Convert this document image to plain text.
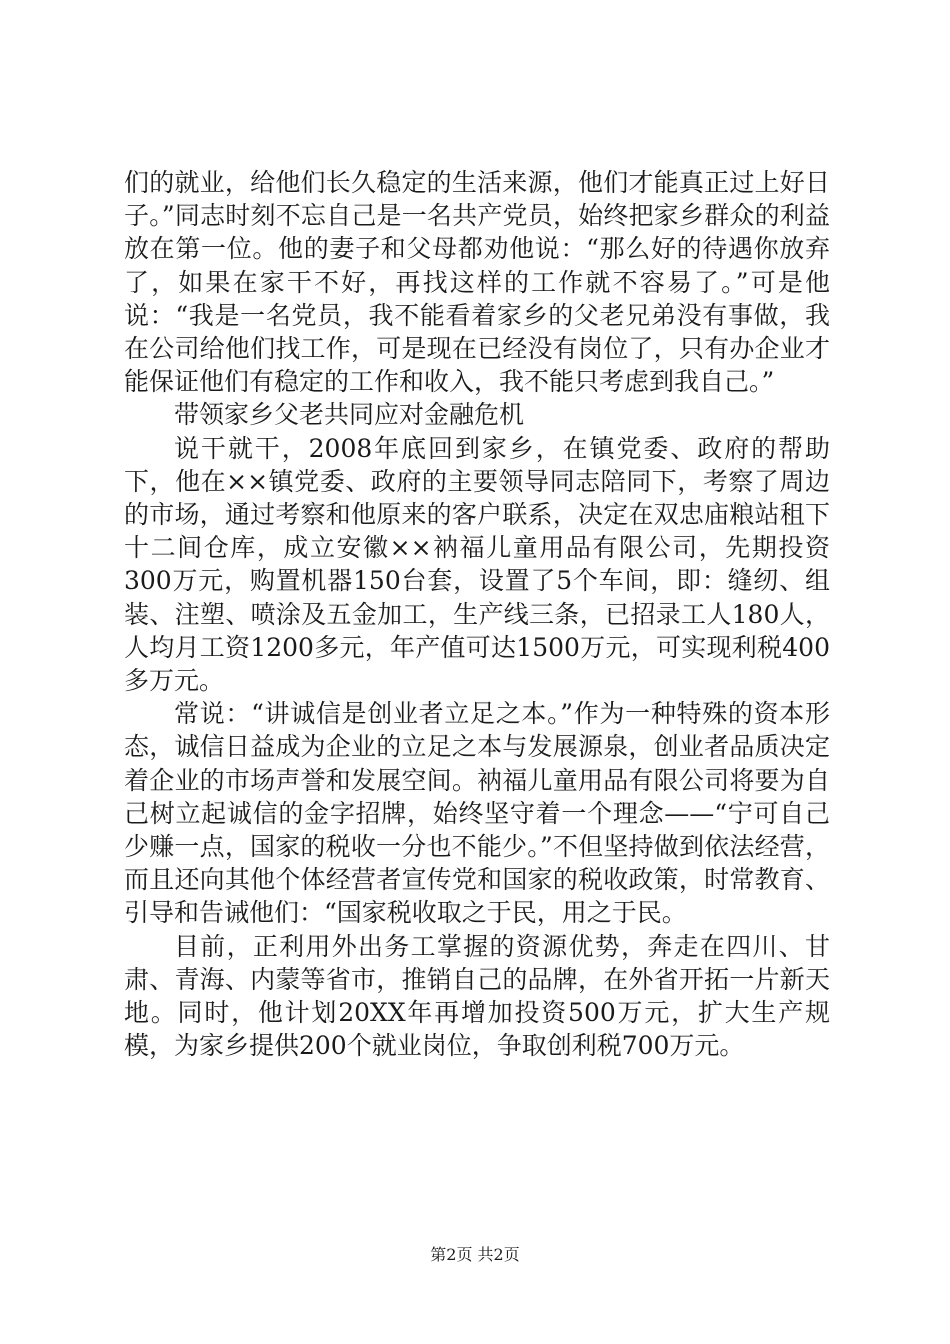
们的就业，给他们长久稳定的生活来源，他们才能真正过上好日子。”同志时刻不忘自己是一名共产党员，始终把家乡群众的利益放在第一位。他的妻子和父母都劝他说：“那么好的待遇你放弃了，如果在家干不好，再找这样的工作就不容易了。”可是他说：“我是一名党员，我不能看着家乡的父老兄弟没有事做，我在公司给他们找工作，可是现在已经没有岗位了，只有办企业才能保证他们有稳定的工作和收入，我不能只考虑到我自己。”

带领家乡父老共同应对金融危机

说干就干，2008年底回到家乡，在镇党委、政府的帮助下，他在××镇党委、政府的主要领导同志陪同下，考察了周边的市场，通过考察和他原来的客户联系，决定在双忠庙粮站租下十二间仓库，成立安徽××衲福儿童用品有限公司，先期投资300万元，购置机器150台套，设置了5个车间，即：缝纫、组装、注塑、喷涂及五金加工，生产线三条，已招录工人180人，人均月工资1200多元，年产值可达1500万元，可实现利税400多万元。

常说：“讲诚信是创业者立足之本。”作为一种特殊的资本形态，诚信日益成为企业的立足之本与发展源泉，创业者品质决定着企业的市场声誉和发展空间。衲福儿童用品有限公司将要为自己树立起诚信的金字招牌，始终坚守着一个理念——“宁可自己少赚一点，国家的税收一分也不能少。”不但坚持做到依法经营，而且还向其他个体经营者宣传党和国家的税收政策，时常教育、引导和告诫他们：“国家税收取之于民，用之于民。

目前，正利用外出务工掌握的资源优势，奔走在四川、甘肃、青海、内蒙等省市，推销自己的品牌，在外省开拓一片新天地。同时，他计划20XX年再增加投资500万元，扩大生产规模，为家乡提供200个就业岗位，争取创利税700万元。

第2页 共2页
